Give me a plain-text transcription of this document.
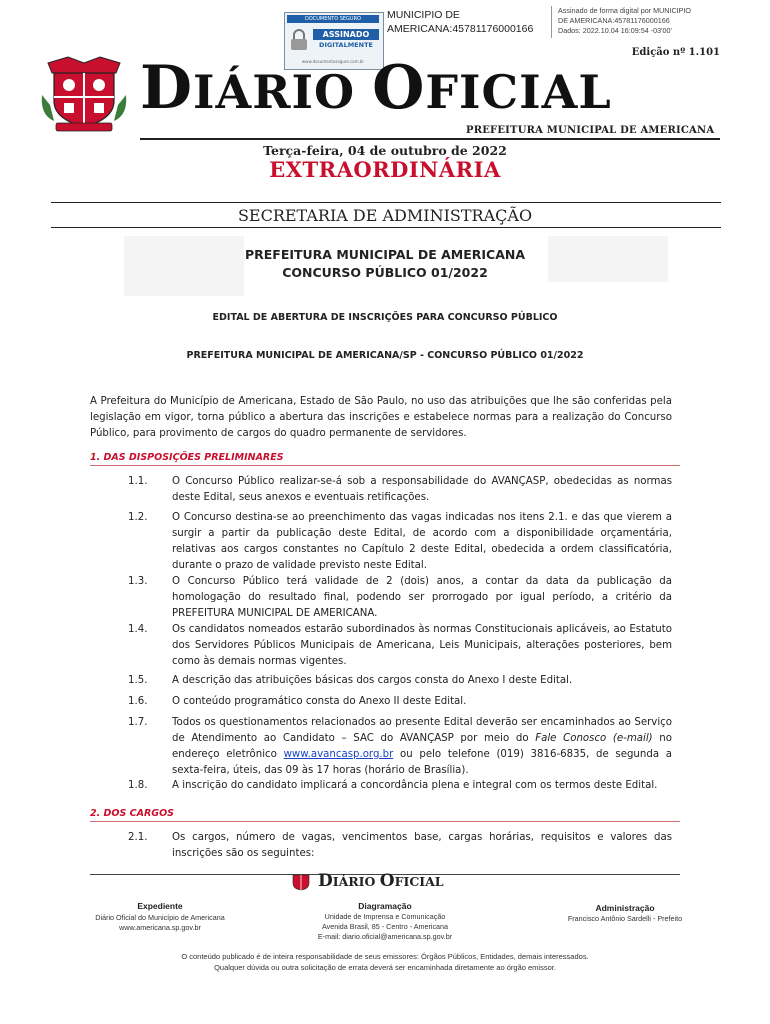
DOCUMENTO SEGURO
ASSINADO
DIGITALMENTE
www.documentoseguro.com.br
MUNICIPIO DE
AMERICANA:45781176000166
Assinado de forma digital por MUNICIPIO
DE AMERICANA:45781176000166
Dados: 2022.10.04 16:09:54 -03'00'
Edição nº 1.101
DIÁRIO OFICIAL
PREFEITURA MUNICIPAL DE AMERICANA
Terça-feira, 04 de outubro de 2022
EXTRAORDINÁRIA
SECRETARIA DE ADMINISTRAÇÃO
PREFEITURA MUNICIPAL DE AMERICANA
CONCURSO PÚBLICO 01/2022
EDITAL DE ABERTURA DE INSCRIÇÕES PARA CONCURSO PÚBLICO
PREFEITURA MUNICIPAL DE AMERICANA/SP - CONCURSO PÚBLICO 01/2022
A Prefeitura do Município de Americana, Estado de São Paulo, no uso das atribuições que lhe são conferidas pela legislação em vigor, torna público a abertura das inscrições e estabelece normas para a realização do Concurso Público, para provimento de cargos do quadro permanente de servidores.
1. DAS DISPOSIÇÕES PRELIMINARES
1.1.	O Concurso Público realizar-se-á sob a responsabilidade do AVANÇASP, obedecidas as normas deste Edital, seus anexos e eventuais retificações.
1.2.	O Concurso destina-se ao preenchimento das vagas indicadas nos itens 2.1. e das que vierem a surgir a partir da publicação deste Edital, de acordo com a disponibilidade orçamentária, relativas aos cargos constantes no Capítulo 2 deste Edital, obedecida a ordem classificatória, durante o prazo de validade previsto neste Edital.
1.3.	O Concurso Público terá validade de 2 (dois) anos, a contar da data da publicação da homologação do resultado final, podendo ser prorrogado por igual período, a critério da PREFEITURA MUNICIPAL DE AMERICANA.
1.4.	Os candidatos nomeados estarão subordinados às normas Constitucionais aplicáveis, ao Estatuto dos Servidores Públicos Municipais de Americana, Leis Municipais, alterações posteriores, bem como às demais normas vigentes.
1.5.	A descrição das atribuições básicas dos cargos consta do Anexo I deste Edital.
1.6.	O conteúdo programático consta do Anexo II deste Edital.
1.7.	Todos os questionamentos relacionados ao presente Edital deverão ser encaminhados ao Serviço de Atendimento ao Candidato – SAC do AVANÇASP por meio do Fale Conosco (e-mail) no endereço eletrônico www.avancasp.org.br ou pelo telefone (019) 3816-6835, de segunda a sexta-feira, úteis, das 09 às 17 horas (horário de Brasília).
1.8.	A inscrição do candidato implicará a concordância plena e integral com os termos deste Edital.
2. DOS CARGOS
2.1.	Os cargos, número de vagas, vencimentos base, cargas horárias, requisitos e valores das inscrições são os seguintes:
DIÁRIO OFICIAL
Expediente
Diário Oficial do Município de Americana
www.americana.sp.gov.br
Diagramação
Unidade de Imprensa e Comunicação
Avenida Brasil, 85 - Centro - Americana
E-mail: diario.oficial@americana.sp.gov.br
Administração
Francisco Antônio Sardelli - Prefeito
O conteúdo publicado é de inteira responsabilidade de seus emissores: Órgãos Públicos, Entidades, demais interessados.
Qualquer dúvida ou outra solicitação de errata deverá ser encaminhada diretamente ao órgão emissor.
